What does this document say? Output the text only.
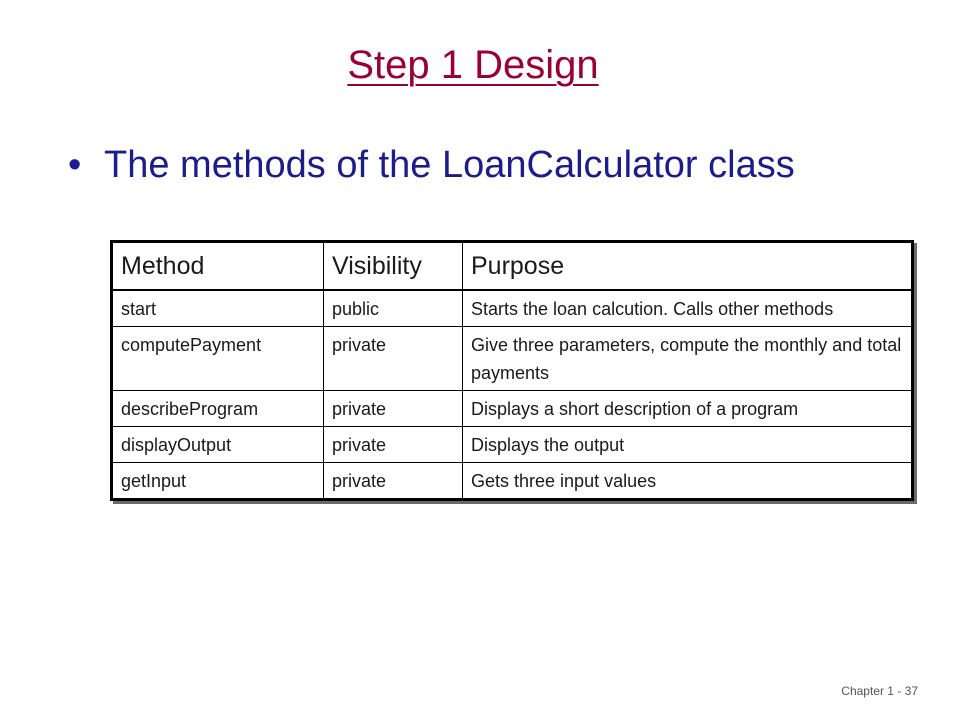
Step 1 Design
• The methods of the LoanCalculator class
Method	Visibility	Purpose
start	public	Starts the loan calcution. Calls other methods
computePayment	private	Give three parameters, compute the monthly and total payments
describeProgram	private	Displays a short description of a program
displayOutput	private	Displays the output
getInput	private	Gets three input values
Chapter 1 - 37
